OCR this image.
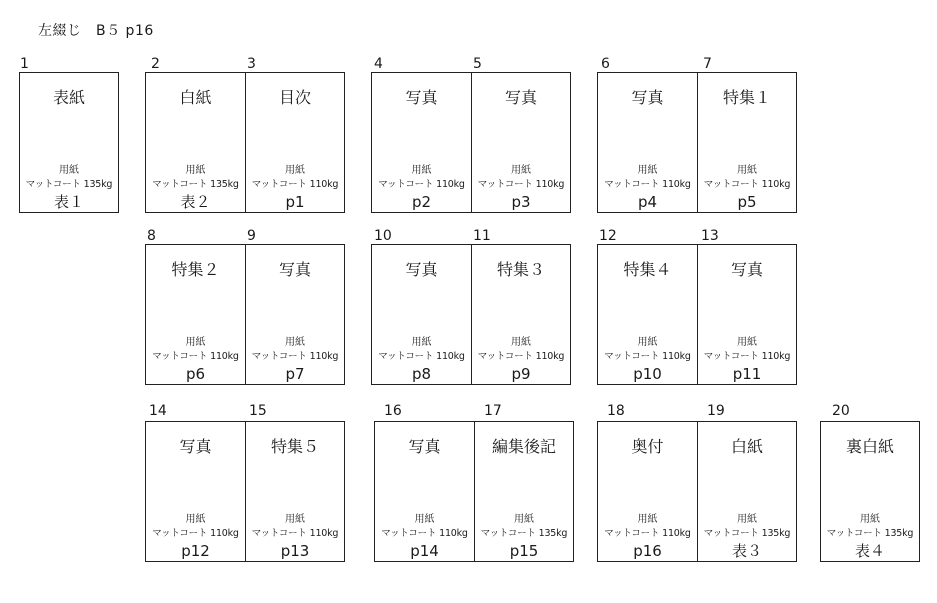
左綴じ　B５ p16
1
表紙
用紙
マットコート 135kg
表１
2
白紙
用紙
マットコート 135kg
表２
3
目次
用紙
マットコート 110kg
p1
4
写真
用紙
マットコート 110kg
p2
5
写真
用紙
マットコート 110kg
p3
6
写真
用紙
マットコート 110kg
p4
7
特集１
用紙
マットコート 110kg
p5
8
特集２
用紙
マットコート 110kg
p6
9
写真
用紙
マットコート 110kg
p7
10
写真
用紙
マットコート 110kg
p8
11
特集３
用紙
マットコート 110kg
p9
12
特集４
用紙
マットコート 110kg
p10
13
写真
用紙
マットコート 110kg
p11
14
写真
用紙
マットコート 110kg
p12
15
特集５
用紙
マットコート 110kg
p13
16
写真
用紙
マットコート 110kg
p14
17
編集後記
用紙
マットコート 135kg
p15
18
奥付
用紙
マットコート 110kg
p16
19
白紙
用紙
マットコート 135kg
表３
20
裏白紙
用紙
マットコート 135kg
表４
